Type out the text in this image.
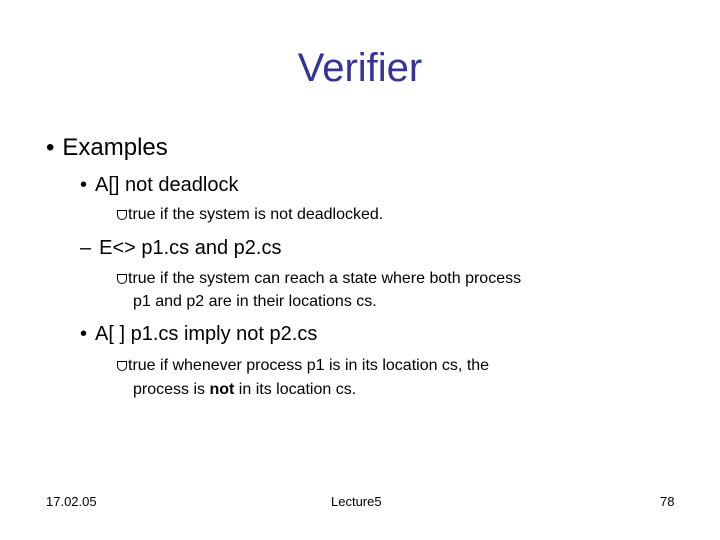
Verifier
• Examples
• A[] not deadlock
true if the system is not deadlocked.
– E<> p1.cs and p2.cs
true if the system can reach a state where both process
p1 and p2 are in their locations cs.
• A[ ] p1.cs imply not p2.cs
true if whenever process p1 is in its location cs, the
process is not in its location cs.
17.02.05	Lecture5	78
